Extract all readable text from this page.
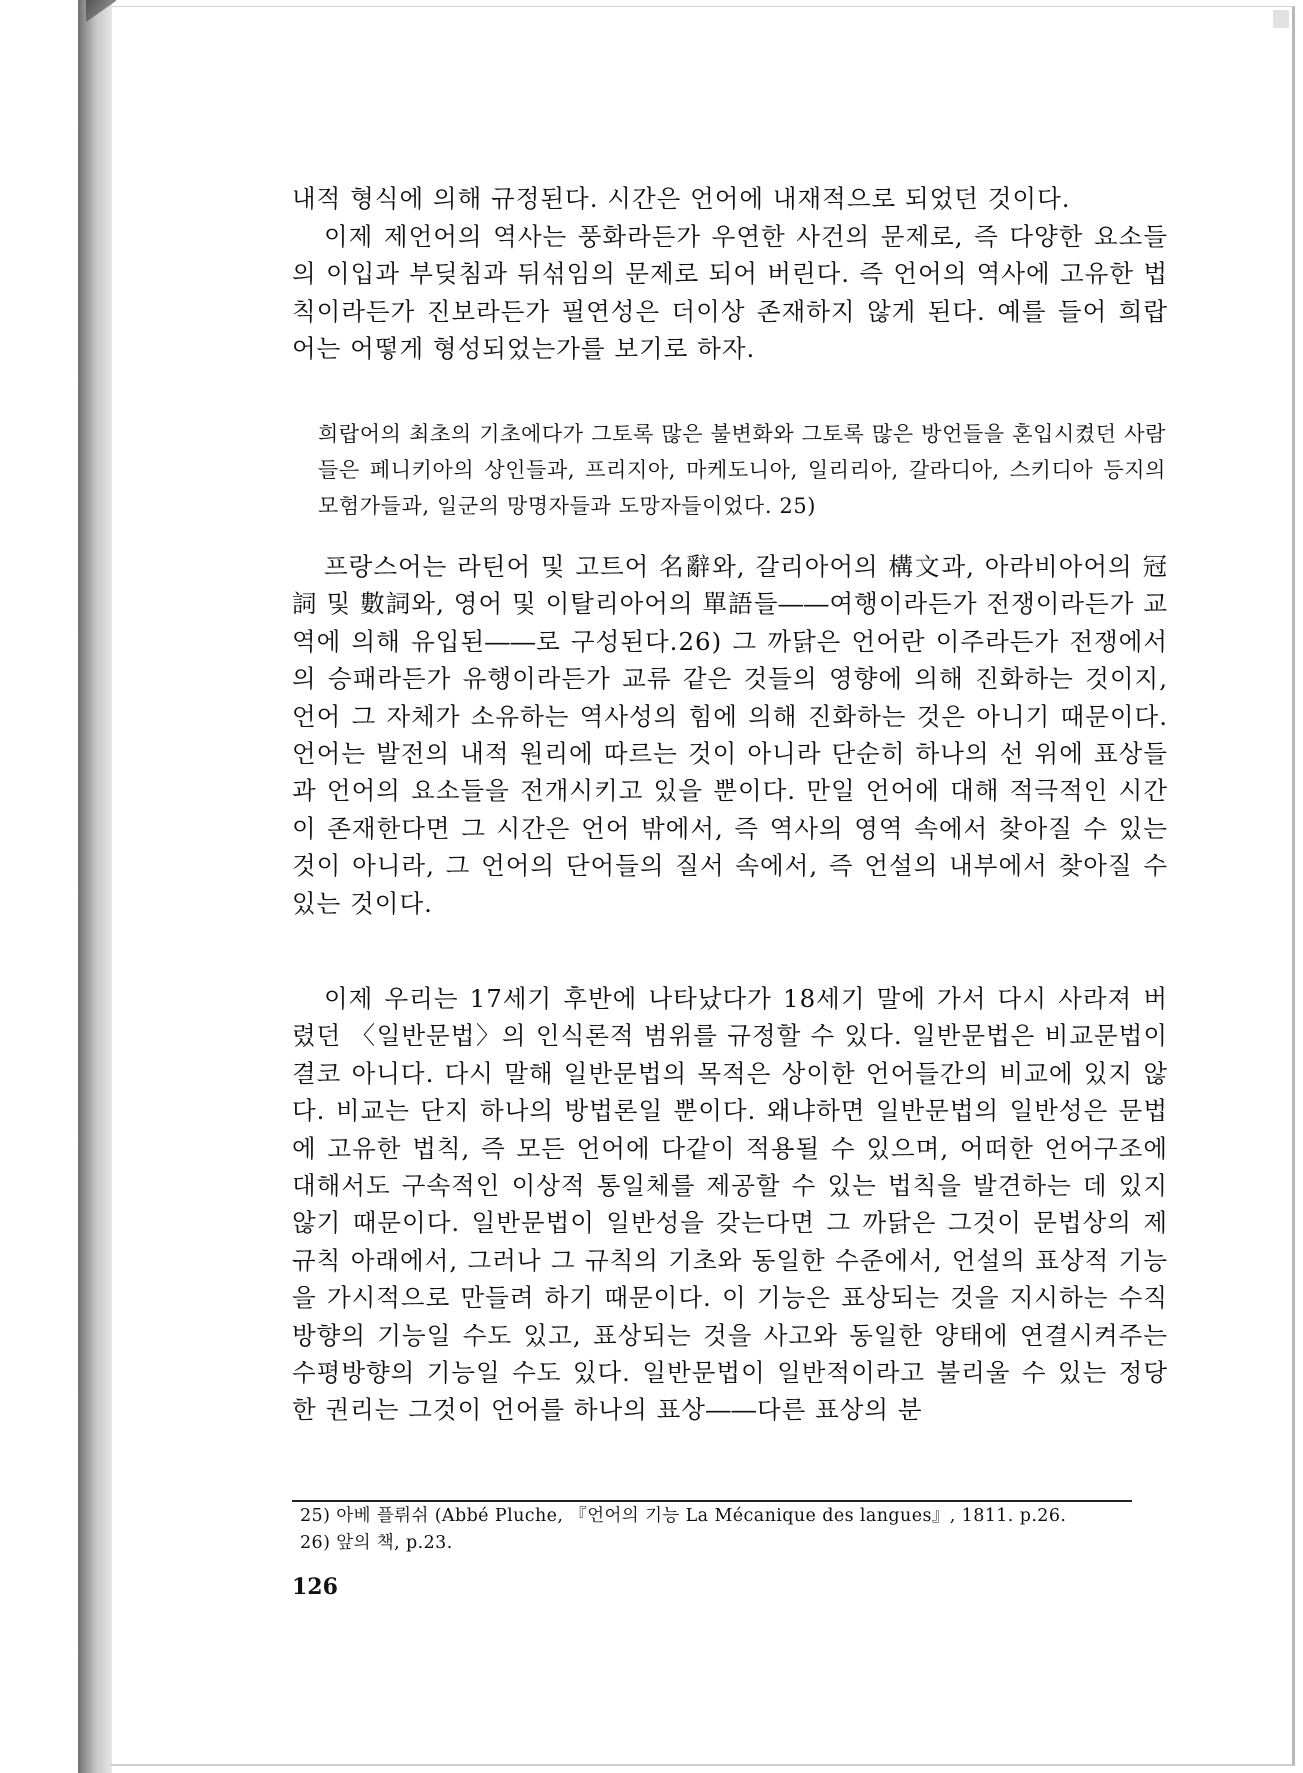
내적 형식에 의해 규정된다. 시간은 언어에 내재적으로 되었던 것이다.

이제 제언어의 역사는 풍화라든가 우연한 사건의 문제로, 즉 다양한 요소들의 이입과 부딪침과 뒤섞임의 문제로 되어 버린다. 즉 언어의 역사에 고유한 법칙이라든가 진보라든가 필연성은 더이상 존재하지 않게 된다. 예를 들어 희랍어는 어떻게 형성되었는가를 보기로 하자.

희랍어의 최초의 기초에다가 그토록 많은 불변화와 그토록 많은 방언들을 혼입시켰던 사람들은 페니키아의 상인들과, 프리지아, 마케도니아, 일리리아, 갈라디아, 스키디아 등지의 모험가들과, 일군의 망명자들과 도망자들이었다. 25)

프랑스어는 라틴어 및 고트어 名辭와, 갈리아어의 構文과, 아라비아어의 冠詞 및 數詞와, 영어 및 이탈리아어의 單語들――여행이라든가 전쟁이라든가 교역에 의해 유입된――로 구성된다.26) 그 까닭은 언어란 이주라든가 전쟁에서의 승패라든가 유행이라든가 교류 같은 것들의 영향에 의해 진화하는 것이지, 언어 그 자체가 소유하는 역사성의 힘에 의해 진화하는 것은 아니기 때문이다. 언어는 발전의 내적 원리에 따르는 것이 아니라 단순히 하나의 선 위에 표상들과 언어의 요소들을 전개시키고 있을 뿐이다. 만일 언어에 대해 적극적인 시간이 존재한다면 그 시간은 언어 밖에서, 즉 역사의 영역 속에서 찾아질 수 있는 것이 아니라, 그 언어의 단어들의 질서 속에서, 즉 언설의 내부에서 찾아질 수 있는 것이다.

이제 우리는 17세기 후반에 나타났다가 18세기 말에 가서 다시 사라져 버렸던 〈일반문법〉의 인식론적 범위를 규정할 수 있다. 일반문법은 비교문법이 결코 아니다. 다시 말해 일반문법의 목적은 상이한 언어들간의 비교에 있지 않다. 비교는 단지 하나의 방법론일 뿐이다. 왜냐하면 일반문법의 일반성은 문법에 고유한 법칙, 즉 모든 언어에 다같이 적용될 수 있으며, 어떠한 언어구조에 대해서도 구속적인 이상적 통일체를 제공할 수 있는 법칙을 발견하는 데 있지 않기 때문이다. 일반문법이 일반성을 갖는다면 그 까닭은 그것이 문법상의 제규칙 아래에서, 그러나 그 규칙의 기초와 동일한 수준에서, 언설의 표상적 기능을 가시적으로 만들려 하기 때문이다. 이 기능은 표상되는 것을 지시하는 수직방향의 기능일 수도 있고, 표상되는 것을 사고와 동일한 양태에 연결시켜주는 수평방향의 기능일 수도 있다. 일반문법이 일반적이라고 불리울 수 있는 정당한 권리는 그것이 언어를 하나의 표상――다른 표상의 분

25) 아베 플뤼쉬 (Abbé Pluche, 『언어의 기능 La Mécanique des langues』, 1811. p.26.

26) 앞의 책, p.23.

126
